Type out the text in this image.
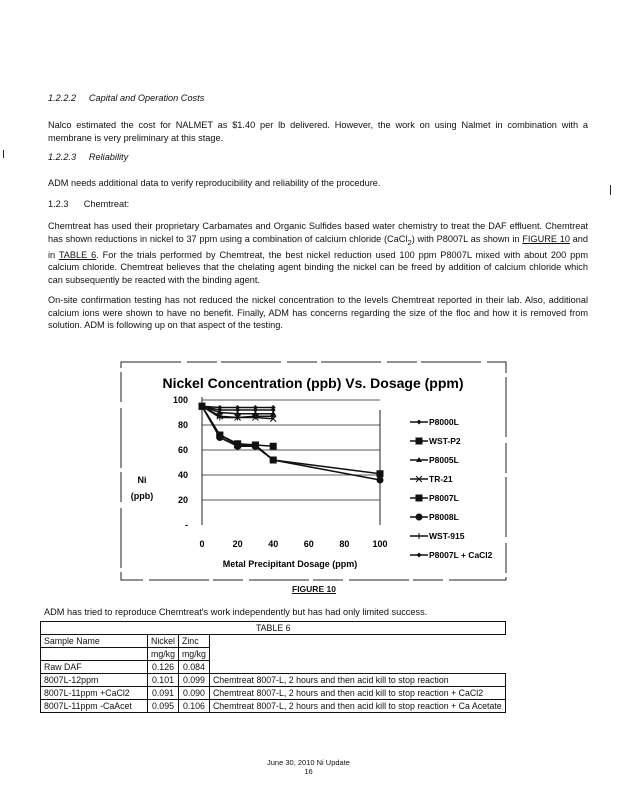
1.2.2.2 Capital and Operation Costs
Nalco estimated the cost for NALMET as $1.40 per lb delivered. However, the work on using Nalmet in combination with a membrane is very preliminary at this stage.
1.2.2.3 Reliability
ADM needs additional data to verify reproducibility and reliability of the procedure.
1.2.3 Chemtreat:
Chemtreat has used their proprietary Carbamates and Organic Sulfides based water chemistry to treat the DAF effluent. Chemtreat has shown reductions in nickel to 37 ppm using a combination of calcium chloride (CaCl$_2$) with P8007L as shown in FIGURE 10 and in TABLE 6. For the trials performed by Chemtreat, the best nickel reduction used 100 ppm P8007L mixed with about 200 ppm calcium chloride. Chemtreat believes that the chelating agent binding the nickel can be freed by addition of calcium chloride which can subsequently be reacted with the binding agent.
On-site confirmation testing has not reduced the nickel concentration to the levels Chemtreat reported in their lab. Also, additional calcium ions were shown to have no benefit. Finally, ADM has concerns regarding the size of the floc and how it is removed from solution. ADM is following up on that aspect of the testing.
Nickel Concentration (ppb) Vs. Dosage (ppm)
Ni
(ppb)
Metal Precipitant Dosage (ppm)
-
20
40
60
80
100
0	20	40	60	80	100
P8000L
WST-P2
P8005L
TR-21
P8007L
P8008L
WST-915
P8007L + CaCl2
FIGURE 10
ADM has tried to reproduce Chemtreat's work independently but has had only limited success.
TABLE 6			
Sample Name	Nickel	Zinc	
	mg/kg	mg/kg	
Raw DAF	0.126	0.084	
8007L-12ppm	0.101	0.099	Chemtreat 8007-L, 2 hours and then acid kill to stop reaction
8007L-11ppm +CaCl2	0.091	0.090	Chemtreat 8007-L, 2 hours and then acid kill to stop reaction + CaCl2
8007L-11ppm -CaAcet	0.095	0.106	Chemtreat 8007-L, 2 hours and then acid kill to stop reaction + Ca Acetate
June 30, 2010 Ni Update
16
